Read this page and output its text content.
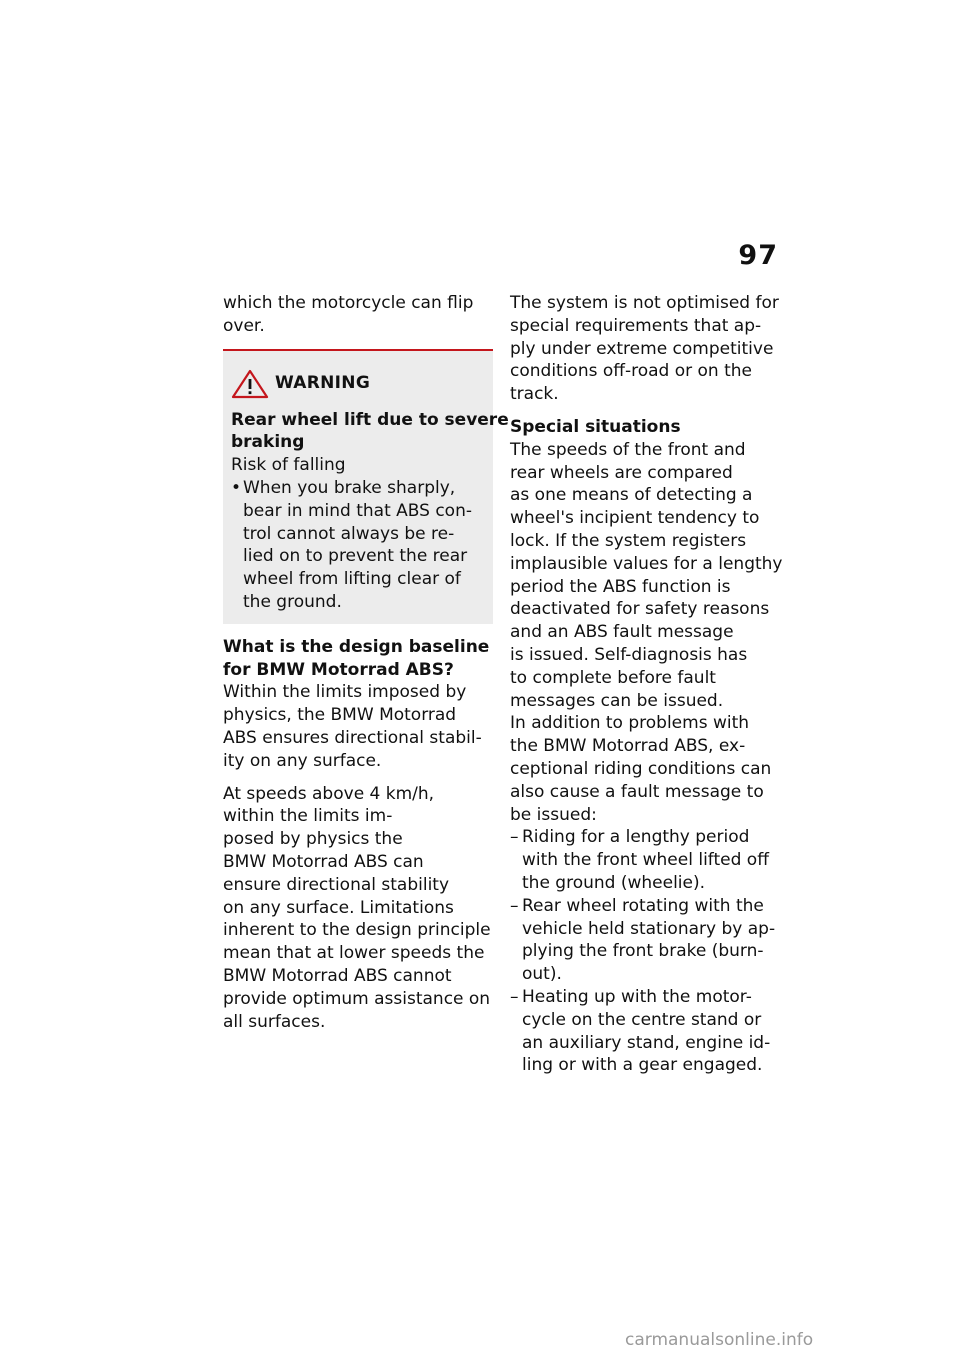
97
which the motorcycle can flip
over.
WARNING
Rear wheel lift due to severe
braking
Risk of falling
• When you brake sharply,
bear in mind that ABS con-
trol cannot always be re-
lied on to prevent the rear
wheel from lifting clear of
the ground.
What is the design baseline
for BMW Motorrad ABS?
Within the limits imposed by
physics, the BMW Motorrad
ABS ensures directional stabil-
ity on any surface.
At speeds above 4 km/h,
within the limits im-
posed by physics the
BMW Motorrad ABS can
ensure directional stability
on any surface. Limitations
inherent to the design principle
mean that at lower speeds the
BMW Motorrad ABS cannot
provide optimum assistance on
all surfaces.
The system is not optimised for
special requirements that ap-
ply under extreme competitive
conditions off-road or on the
track.
Special situations
The speeds of the front and
rear wheels are compared
as one means of detecting a
wheel's incipient tendency to
lock. If the system registers
implausible values for a lengthy
period the ABS function is
deactivated for safety reasons
and an ABS fault message
is issued. Self-diagnosis has
to complete before fault
messages can be issued.
In addition to problems with
the BMW Motorrad ABS, ex-
ceptional riding conditions can
also cause a fault message to
be issued:
– Riding for a lengthy period
with the front wheel lifted off
the ground (wheelie).
– Rear wheel rotating with the
vehicle held stationary by ap-
plying the front brake (burn-
out).
– Heating up with the motor-
cycle on the centre stand or
an auxiliary stand, engine id-
ling or with a gear engaged.
carmanualsonline.info
